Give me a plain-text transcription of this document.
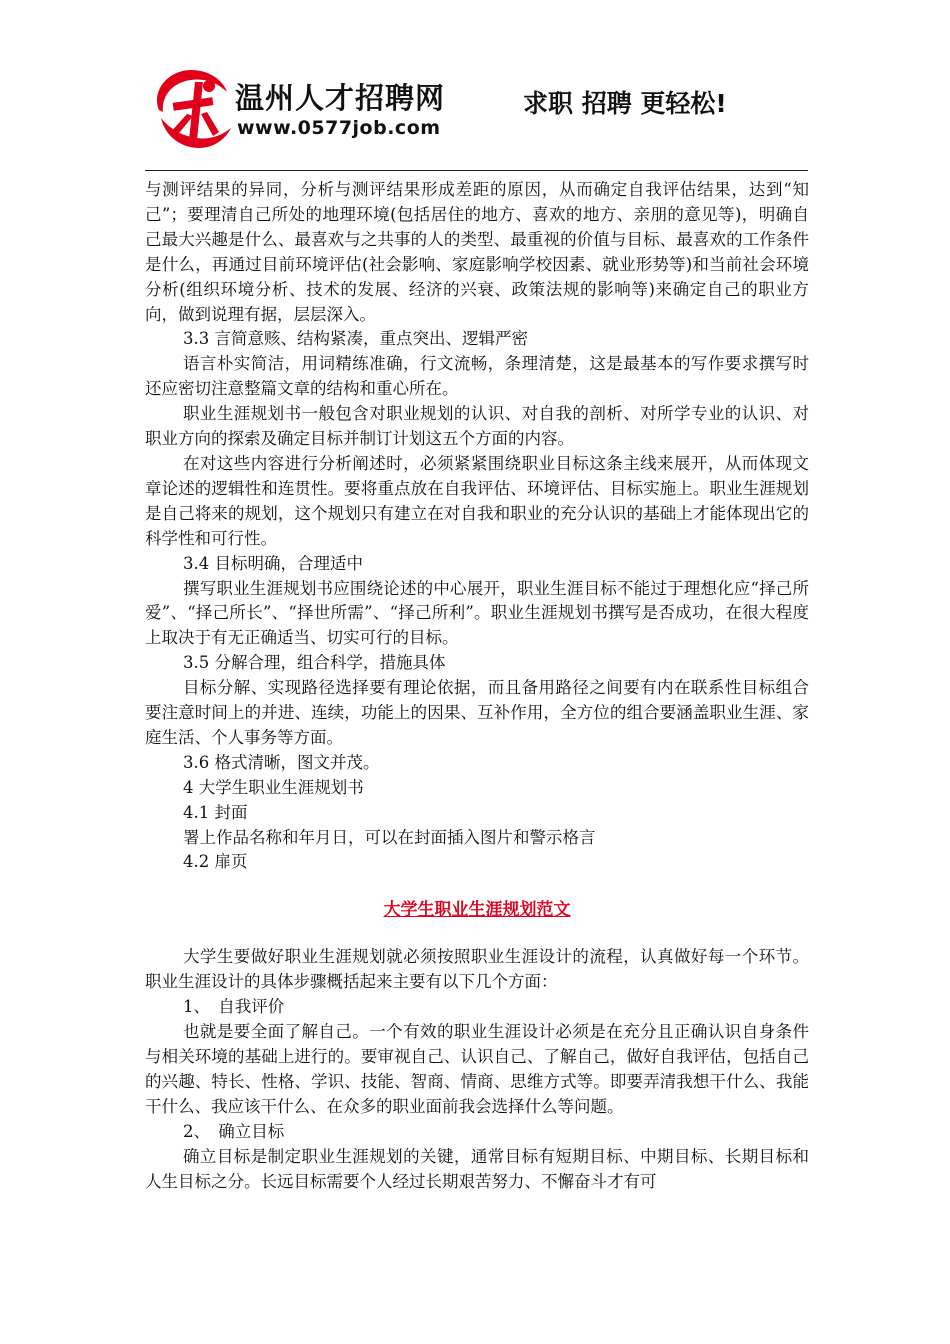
温州人才招聘网
www.0577job.com
求职 招聘 更轻松!

与测评结果的异同，分析与测评结果形成差距的原因，从而确定自我评估结果，达到“知己”；要理清自己所处的地理环境(包括居住的地方、喜欢的地方、亲朋的意见等)，明确自己最大兴趣是什么、最喜欢与之共事的人的类型、最重视的价值与目标、最喜欢的工作条件是什么，再通过目前环境评估(社会影响、家庭影响学校因素、就业形势等)和当前社会环境分析(组织环境分析、技术的发展、经济的兴衰、政策法规的影响等)来确定自己的职业方向，做到说理有据，层层深入。

3.3 言简意赅、结构紧凑，重点突出、逻辑严密

语言朴实简洁，用词精练准确，行文流畅，条理清楚，这是最基本的写作要求撰写时还应密切注意整篇文章的结构和重心所在。

职业生涯规划书一般包含对职业规划的认识、对自我的剖析、对所学专业的认识、对职业方向的探索及确定目标并制订计划这五个方面的内容。

在对这些内容进行分析阐述时，必须紧紧围绕职业目标这条主线来展开，从而体现文章论述的逻辑性和连贯性。要将重点放在自我评估、环境评估、目标实施上。职业生涯规划是自己将来的规划，这个规划只有建立在对自我和职业的充分认识的基础上才能体现出它的科学性和可行性。

3.4 目标明确，合理适中

撰写职业生涯规划书应围绕论述的中心展开，职业生涯目标不能过于理想化应“择己所爱”、“择己所长”、“择世所需”、“择己所利”。职业生涯规划书撰写是否成功，在很大程度上取决于有无正确适当、切实可行的目标。

3.5 分解合理，组合科学，措施具体

目标分解、实现路径选择要有理论依据，而且备用路径之间要有内在联系性目标组合要注意时间上的并进、连续，功能上的因果、互补作用，全方位的组合要涵盖职业生涯、家庭生活、个人事务等方面。

3.6 格式清晰，图文并茂。

4 大学生职业生涯规划书

4.1 封面

署上作品名称和年月日，可以在封面插入图片和警示格言

4.2 扉页

大学生职业生涯规划范文

大学生要做好职业生涯规划就必须按照职业生涯设计的流程，认真做好每一个环节。职业生涯设计的具体步骤概括起来主要有以下几个方面：

1、　自我评价

也就是要全面了解自己。一个有效的职业生涯设计必须是在充分且正确认识自身条件与相关环境的基础上进行的。要审视自己、认识自己、了解自己，做好自我评估，包括自己的兴趣、特长、性格、学识、技能、智商、情商、思维方式等。即要弄清我想干什么、我能干什么、我应该干什么、在众多的职业面前我会选择什么等问题。

2、　确立目标

确立目标是制定职业生涯规划的关键，通常目标有短期目标、中期目标、长期目标和人生目标之分。长远目标需要个人经过长期艰苦努力、不懈奋斗才有可
